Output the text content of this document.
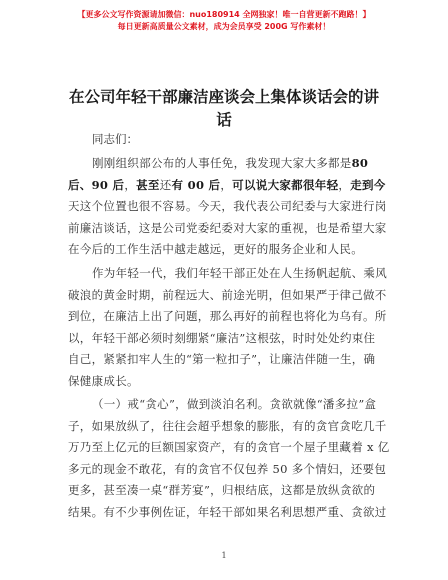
【更多公文写作资源请加微信：nuo180914 全网独家！唯一自营更新不跑路！】
每日更新高质量公文素材，成为会员享受 200G 写作素材！
在公司年轻干部廉洁座谈会上集体谈话会的讲
话
同志们：
刚刚组织部公布的人事任免，我发现大家大多都是80
后、90 后，甚至还有 00 后，可以说大家都很年轻，走到今
天这个位置也很不容易。今天，我代表公司纪委与大家进行岗
前廉洁谈话，这是公司党委纪委对大家的重视，也是希望大家
在今后的工作生活中越走越远，更好的服务企业和人民。
作为年轻一代，我们年轻干部正处在人生扬帆起航、乘风
破浪的黄金时期，前程远大、前途光明，但如果严于律己做不
到位，在廉洁上出了问题，那么再好的前程也将化为乌有。所
以，年轻干部必须时刻绷紧“廉洁”这根弦，时时处处约束住
自己，紧紧扣牢人生的“第一粒扣子”，让廉洁伴随一生，确
保健康成长。
（一）戒“贪心”，做到淡泊名利。贪欲就像“潘多拉”盒
子，如果放纵了，往往会超乎想象的膨胀，有的贪官贪吃几千
万乃至上亿元的巨额国家资产，有的贪官一个屋子里藏着 x 亿
多元的现金不敢花，有的贪官不仅包养 50 多个情妇，还要包
更多，甚至凑一桌“群芳宴”，归根结底，这都是放纵贪欲的
结果。有不少事例佐证，年轻干部如果名利思想严重、贪欲过
1
